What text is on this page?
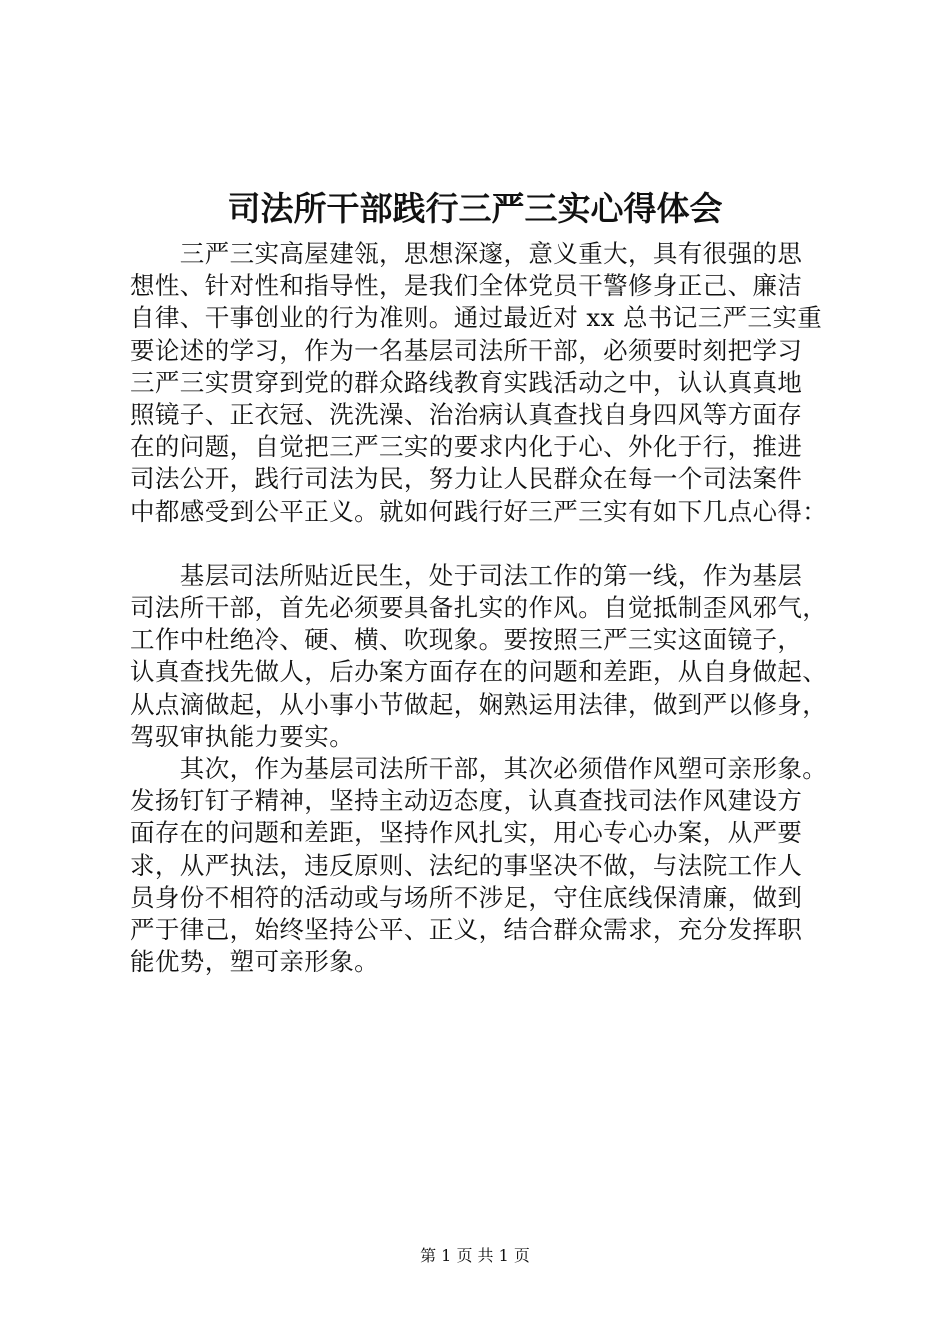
司法所干部践行三严三实心得体会
　　三严三实高屋建瓴，思想深邃，意义重大，具有很强的思
想性、针对性和指导性，是我们全体党员干警修身正己、廉洁
自律、干事创业的行为准则。通过最近对 xx 总书记三严三实重
要论述的学习，作为一名基层司法所干部，必须要时刻把学习
三严三实贯穿到党的群众路线教育实践活动之中，认认真真地
照镜子、正衣冠、洗洗澡、治治病认真查找自身四风等方面存
在的问题，自觉把三严三实的要求内化于心、外化于行，推进
司法公开，践行司法为民，努力让人民群众在每一个司法案件
中都感受到公平正义。就如何践行好三严三实有如下几点心得：
　　基层司法所贴近民生，处于司法工作的第一线，作为基层
司法所干部，首先必须要具备扎实的作风。自觉抵制歪风邪气，
工作中杜绝冷、硬、横、吹现象。要按照三严三实这面镜子，
认真查找先做人，后办案方面存在的问题和差距，从自身做起、
从点滴做起，从小事小节做起，娴熟运用法律，做到严以修身，
驾驭审执能力要实。
　　其次，作为基层司法所干部，其次必须借作风塑可亲形象。
发扬钉钉子精神，坚持主动迈态度，认真查找司法作风建设方
面存在的问题和差距，坚持作风扎实，用心专心办案，从严要
求，从严执法，违反原则、法纪的事坚决不做，与法院工作人
员身份不相符的活动或与场所不涉足，守住底线保清廉，做到
严于律己，始终坚持公平、正义，结合群众需求，充分发挥职
能优势，塑可亲形象。
第 1 页 共 1 页
